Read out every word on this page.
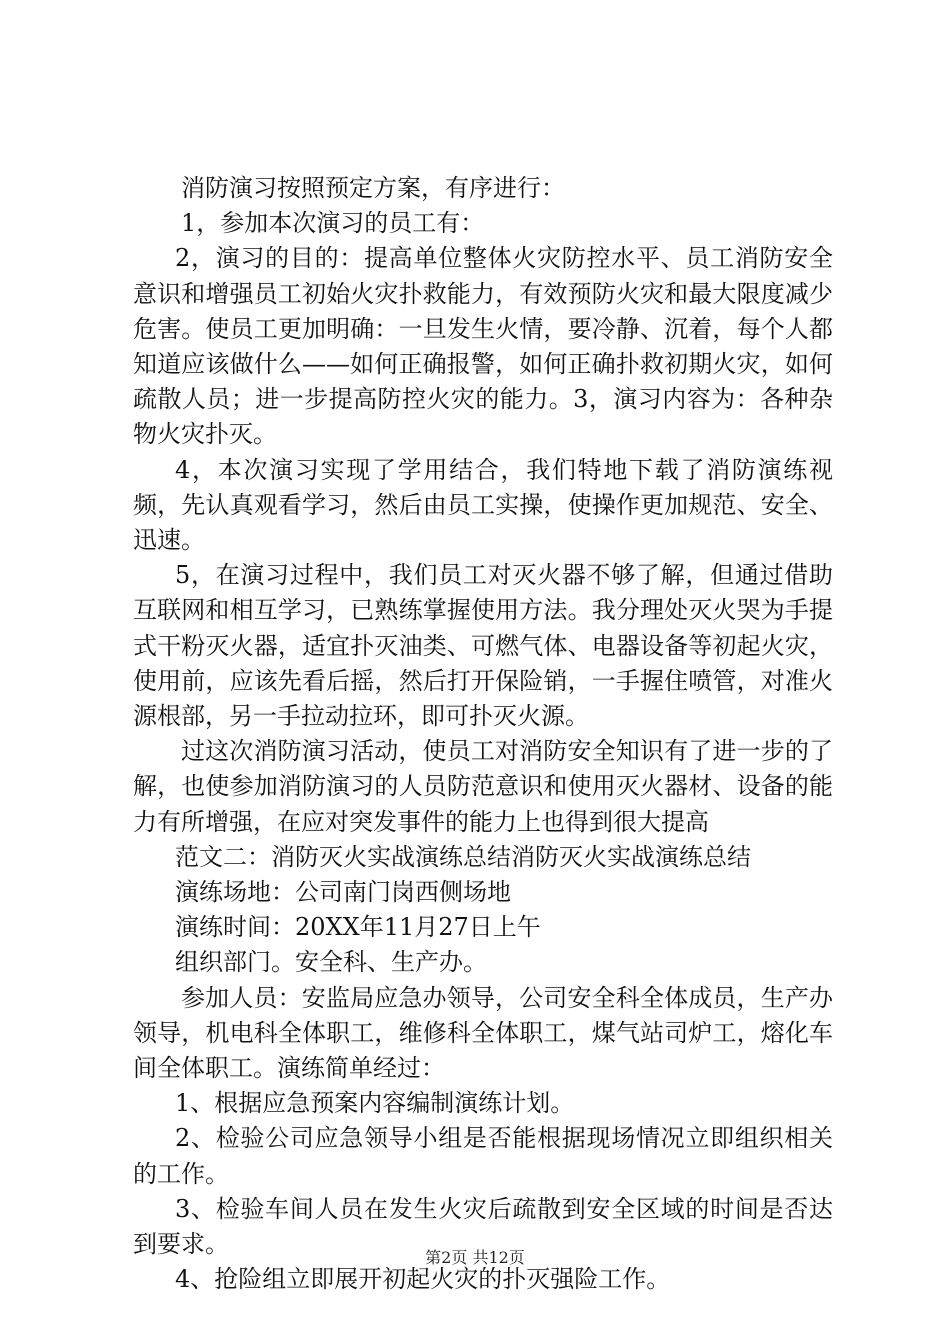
消防演习按照预定方案，有序进行：

1，参加本次演习的员工有：

2，演习的目的：提高单位整体火灾防控水平、员工消防安全意识和增强员工初始火灾扑救能力，有效预防火灾和最大限度减少危害。使员工更加明确：一旦发生火情，要冷静、沉着，每个人都知道应该做什么——如何正确报警，如何正确扑救初期火灾，如何疏散人员；进一步提高防控火灾的能力。3，演习内容为：各种杂物火灾扑灭。

4，本次演习实现了学用结合，我们特地下载了消防演练视频，先认真观看学习，然后由员工实操，使操作更加规范、安全、迅速。

5，在演习过程中，我们员工对灭火器不够了解，但通过借助互联网和相互学习，已熟练掌握使用方法。我分理处灭火哭为手提式干粉灭火器，适宜扑灭油类、可燃气体、电器设备等初起火灾，使用前，应该先看后摇，然后打开保险销，一手握住喷管，对准火源根部，另一手拉动拉环，即可扑灭火源。

过这次消防演习活动，使员工对消防安全知识有了进一步的了解，也使参加消防演习的人员防范意识和使用灭火器材、设备的能力有所增强，在应对突发事件的能力上也得到很大提高

范文二：消防灭火实战演练总结消防灭火实战演练总结

演练场地：公司南门岗西侧场地

演练时间：20XX年11月27日上午

组织部门。安全科、生产办。

参加人员：安监局应急办领导，公司安全科全体成员，生产办领导，机电科全体职工，维修科全体职工，煤气站司炉工，熔化车间全体职工。演练简单经过：

1、根据应急预案内容编制演练计划。

2、检验公司应急领导小组是否能根据现场情况立即组织相关的工作。

3、检验车间人员在发生火灾后疏散到安全区域的时间是否达到要求。

4、抢险组立即展开初起火灾的扑灭强险工作。

第2页 共12页
